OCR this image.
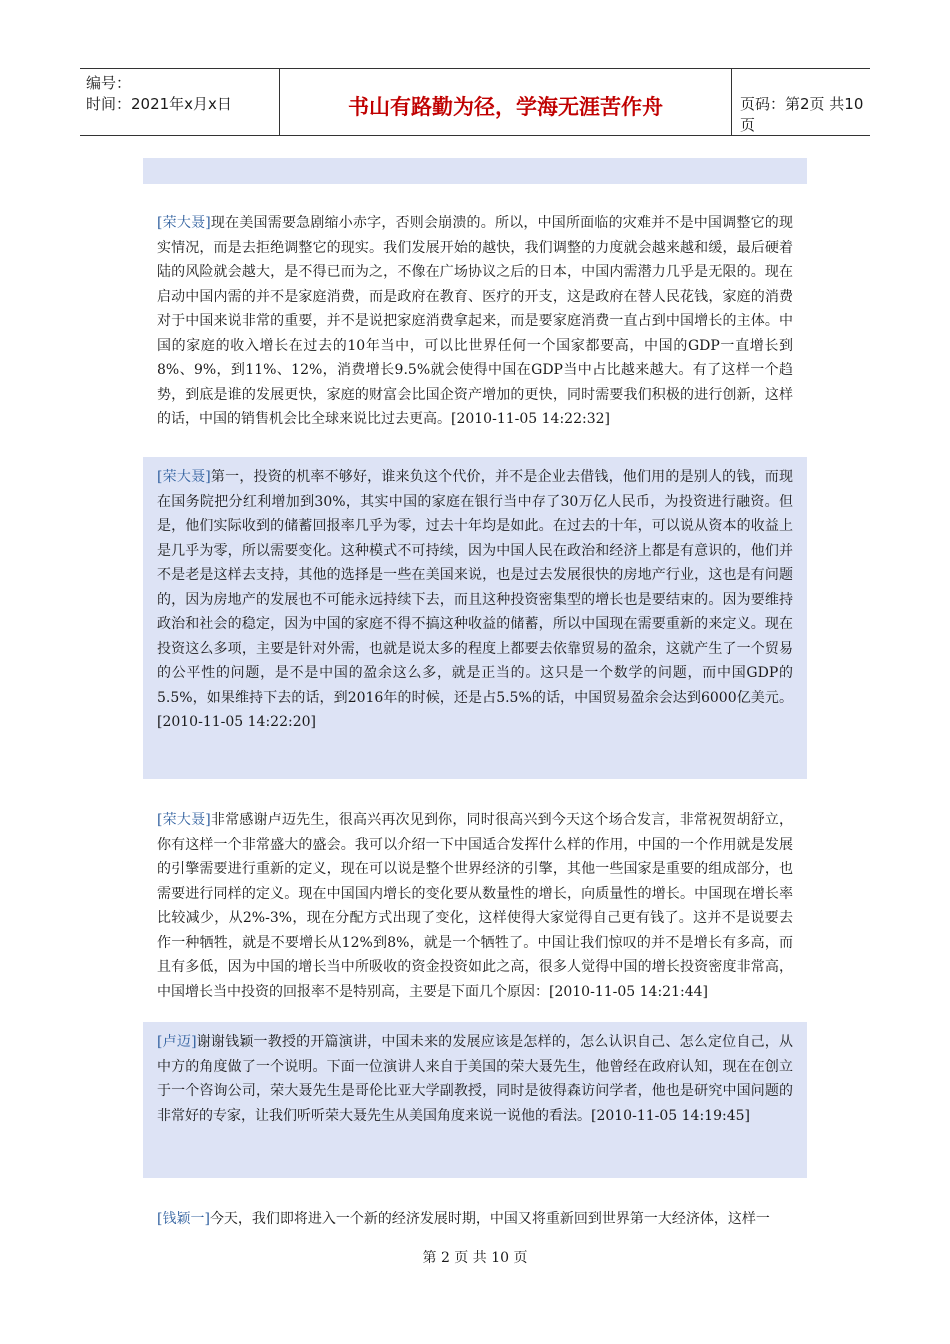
编号：
时间：2021年x月x日	书山有路勤为径，学海无涯苦作舟	页码：第2页 共10页
[荣大聂]现在美国需要急剧缩小赤字，否则会崩溃的。所以，中国所面临的灾难并不是中国调整它的现实情况，而是去拒绝调整它的现实。我们发展开始的越快，我们调整的力度就会越来越和缓，最后硬着陆的风险就会越大，是不得已而为之，不像在广场协议之后的日本，中国内需潜力几乎是无限的。现在启动中国内需的并不是家庭消费，而是政府在教育、医疗的开支，这是政府在替人民花钱，家庭的消费对于中国来说非常的重要，并不是说把家庭消费拿起来，而是要家庭消费一直占到中国增长的主体。中国的家庭的收入增长在过去的10年当中，可以比世界任何一个国家都要高，中国的GDP一直增长到8%、9%，到11%、12%，消费增长9.5%就会使得中国在GDP当中占比越来越大。有了这样一个趋势，到底是谁的发展更快，家庭的财富会比国企资产增加的更快，同时需要我们积极的进行创新，这样的话，中国的销售机会比全球来说比过去更高。[2010-11-05 14:22:32]
[荣大聂]第一，投资的机率不够好，谁来负这个代价，并不是企业去借钱，他们用的是别人的钱，而现在国务院把分红利增加到30%，其实中国的家庭在银行当中存了30万亿人民币，为投资进行融资。但是，他们实际收到的储蓄回报率几乎为零，过去十年均是如此。在过去的十年，可以说从资本的收益上是几乎为零，所以需要变化。这种模式不可持续，因为中国人民在政治和经济上都是有意识的，他们并不是老是这样去支持，其他的选择是一些在美国来说，也是过去发展很快的房地产行业，这也是有问题的，因为房地产的发展也不可能永远持续下去，而且这种投资密集型的增长也是要结束的。因为要维持政治和社会的稳定，因为中国的家庭不得不搞这种收益的储蓄，所以中国现在需要重新的来定义。现在投资这么多项，主要是针对外需，也就是说太多的程度上都要去依靠贸易的盈余，这就产生了一个贸易的公平性的问题，是不是中国的盈余这么多，就是正当的。这只是一个数学的问题，而中国GDP的5.5%，如果维持下去的话，到2016年的时候，还是占5.5%的话，中国贸易盈余会达到6000亿美元。[2010-11-05 14:22:20]
[荣大聂]非常感谢卢迈先生，很高兴再次见到你，同时很高兴到今天这个场合发言，非常祝贺胡舒立，你有这样一个非常盛大的盛会。我可以介绍一下中国适合发挥什么样的作用，中国的一个作用就是发展的引擎需要进行重新的定义，现在可以说是整个世界经济的引擎，其他一些国家是重要的组成部分，也需要进行同样的定义。现在中国国内增长的变化要从数量性的增长，向质量性的增长。中国现在增长率比较减少，从2%-3%，现在分配方式出现了变化，这样使得大家觉得自己更有钱了。这并不是说要去作一种牺牲，就是不要增长从12%到8%，就是一个牺牲了。中国让我们惊叹的并不是增长有多高，而且有多低，因为中国的增长当中所吸收的资金投资如此之高，很多人觉得中国的增长投资密度非常高，中国增长当中投资的回报率不是特别高，主要是下面几个原因：[2010-11-05 14:21:44]
[卢迈]谢谢钱颖一教授的开篇演讲，中国未来的发展应该是怎样的，怎么认识自己、怎么定位自己，从中方的角度做了一个说明。下面一位演讲人来自于美国的荣大聂先生，他曾经在政府认知，现在在创立于一个咨询公司，荣大聂先生是哥伦比亚大学副教授，同时是彼得森访问学者，他也是研究中国问题的非常好的专家，让我们听听荣大聂先生从美国角度来说一说他的看法。[2010-11-05 14:19:45]
[钱颖一]今天，我们即将进入一个新的经济发展时期，中国又将重新回到世界第一大经济体，这样一
第 2 页 共 10 页
